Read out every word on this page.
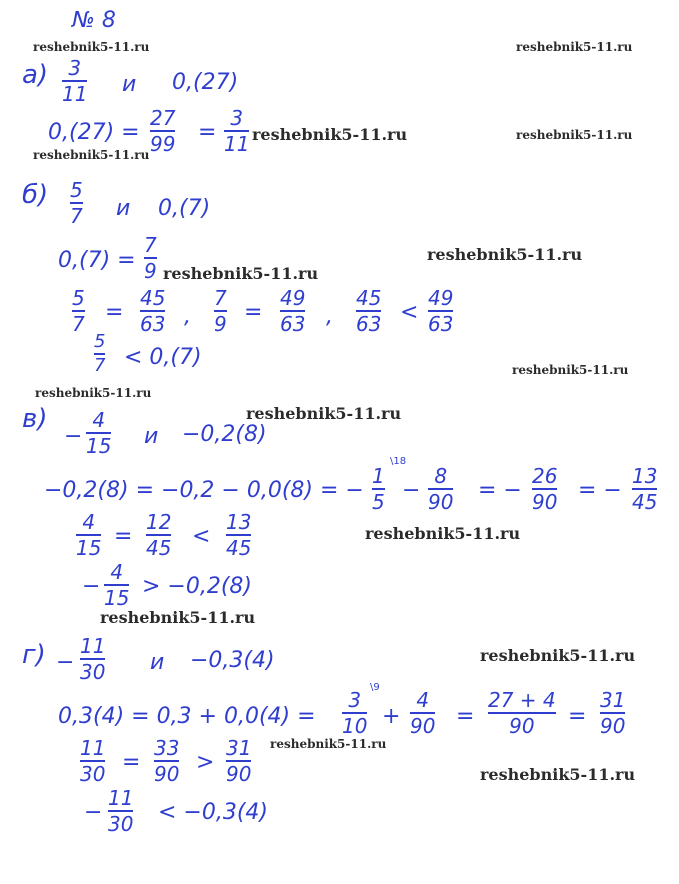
reshebnik5-11.ru	reshebnik5-11.ru
reshebnik5-11.ru	reshebnik5-11.ru
reshebnik5-11.ru
reshebnik5-11.ru
reshebnik5-11.ru
reshebnik5-11.ru
reshebnik5-11.ru
reshebnik5-11.ru
reshebnik5-11.ru
reshebnik5-11.ru
reshebnik5-11.ru
reshebnik5-11.ru
reshebnik5-11.ru
№ 8
а) 3
11 и 0,(27)
0,(27) =
27
99 =
3
11
б) 5
7 и 0,(7)
0,(7) =
7
9
5
7 =
45
63 ,
7
9 =
49
63 ,
45
63 <
49
63
5
7 < 0,(7)
в)
−
4
15 и −0,2(8)
−0,2(8) = −0,2 − 0,0(8) = −
\18
1
5 −
8
90 = −
26
90 = −
13
45
4
15 =
12
45 <
13
45
−
4
15 > −0,2(8)
г) −
11
30 и −0,3(4)
0,3(4) = 0,3 + 0,0(4) =
\9
3
10 +
4
90 =
27 + 4
90 =
31
90
11
30 =
33
90 >
31
90
−
11
30 < −0,3(4)
